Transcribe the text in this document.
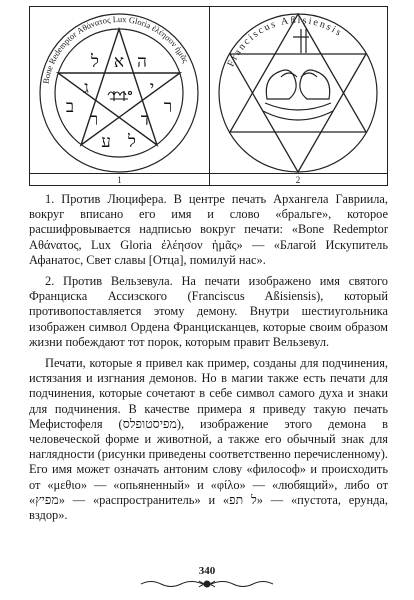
Bone Redemptor Αθάνατος Lux Gloria ἐλέησον ἡμᾶς
ה
א
ל
י
ג
ב	ר
ד
ר
ע ל
Franciscus Aßisiensis
1	2

1. Против Люцифера. В центре печать Архангела Гавриила, вокруг вписано его имя и слово «бральге», которое расшифровывается надписью вокруг печати: «Bone Redemptor Αθάνατος, Lux Gloria ἐλέησον ἡμᾶς» — «Благой Искупитель Афанатос, Свет славы [Отца], помилуй нас».

2. Против Вельзевула. На печати изображено имя святого Франциска Ассизского (Franciscus Aßisiensis), который противопоставляется этому демону. Внутри шестиугольника изображен символ Ордена Францисканцев, которые своим образом жизни побеждают тот порок, которым правит Вельзевул.

Печати, которые я привел как пример, созданы для подчинения, истязания и изгнания демонов. Но в магии также есть печати для подчинения, которые сочетают в себе символ самого духа и знаки для подчинения. В качестве примера я приведу такую печать Мефистофеля (מפיסטופלס), изображение этого демона в человеческой форме и животной, а также его обычный знак для наглядности (рисунки приведены соответственно перечисленному). Его имя может означать антоним слову «философ» и происходить от «μεθιο» — «опьяненный» и «φίλο» — «любящий», либо от «מפיץ» — «распространитель» и «ל תפ» — «пустота, ерунда, вздор».

340
